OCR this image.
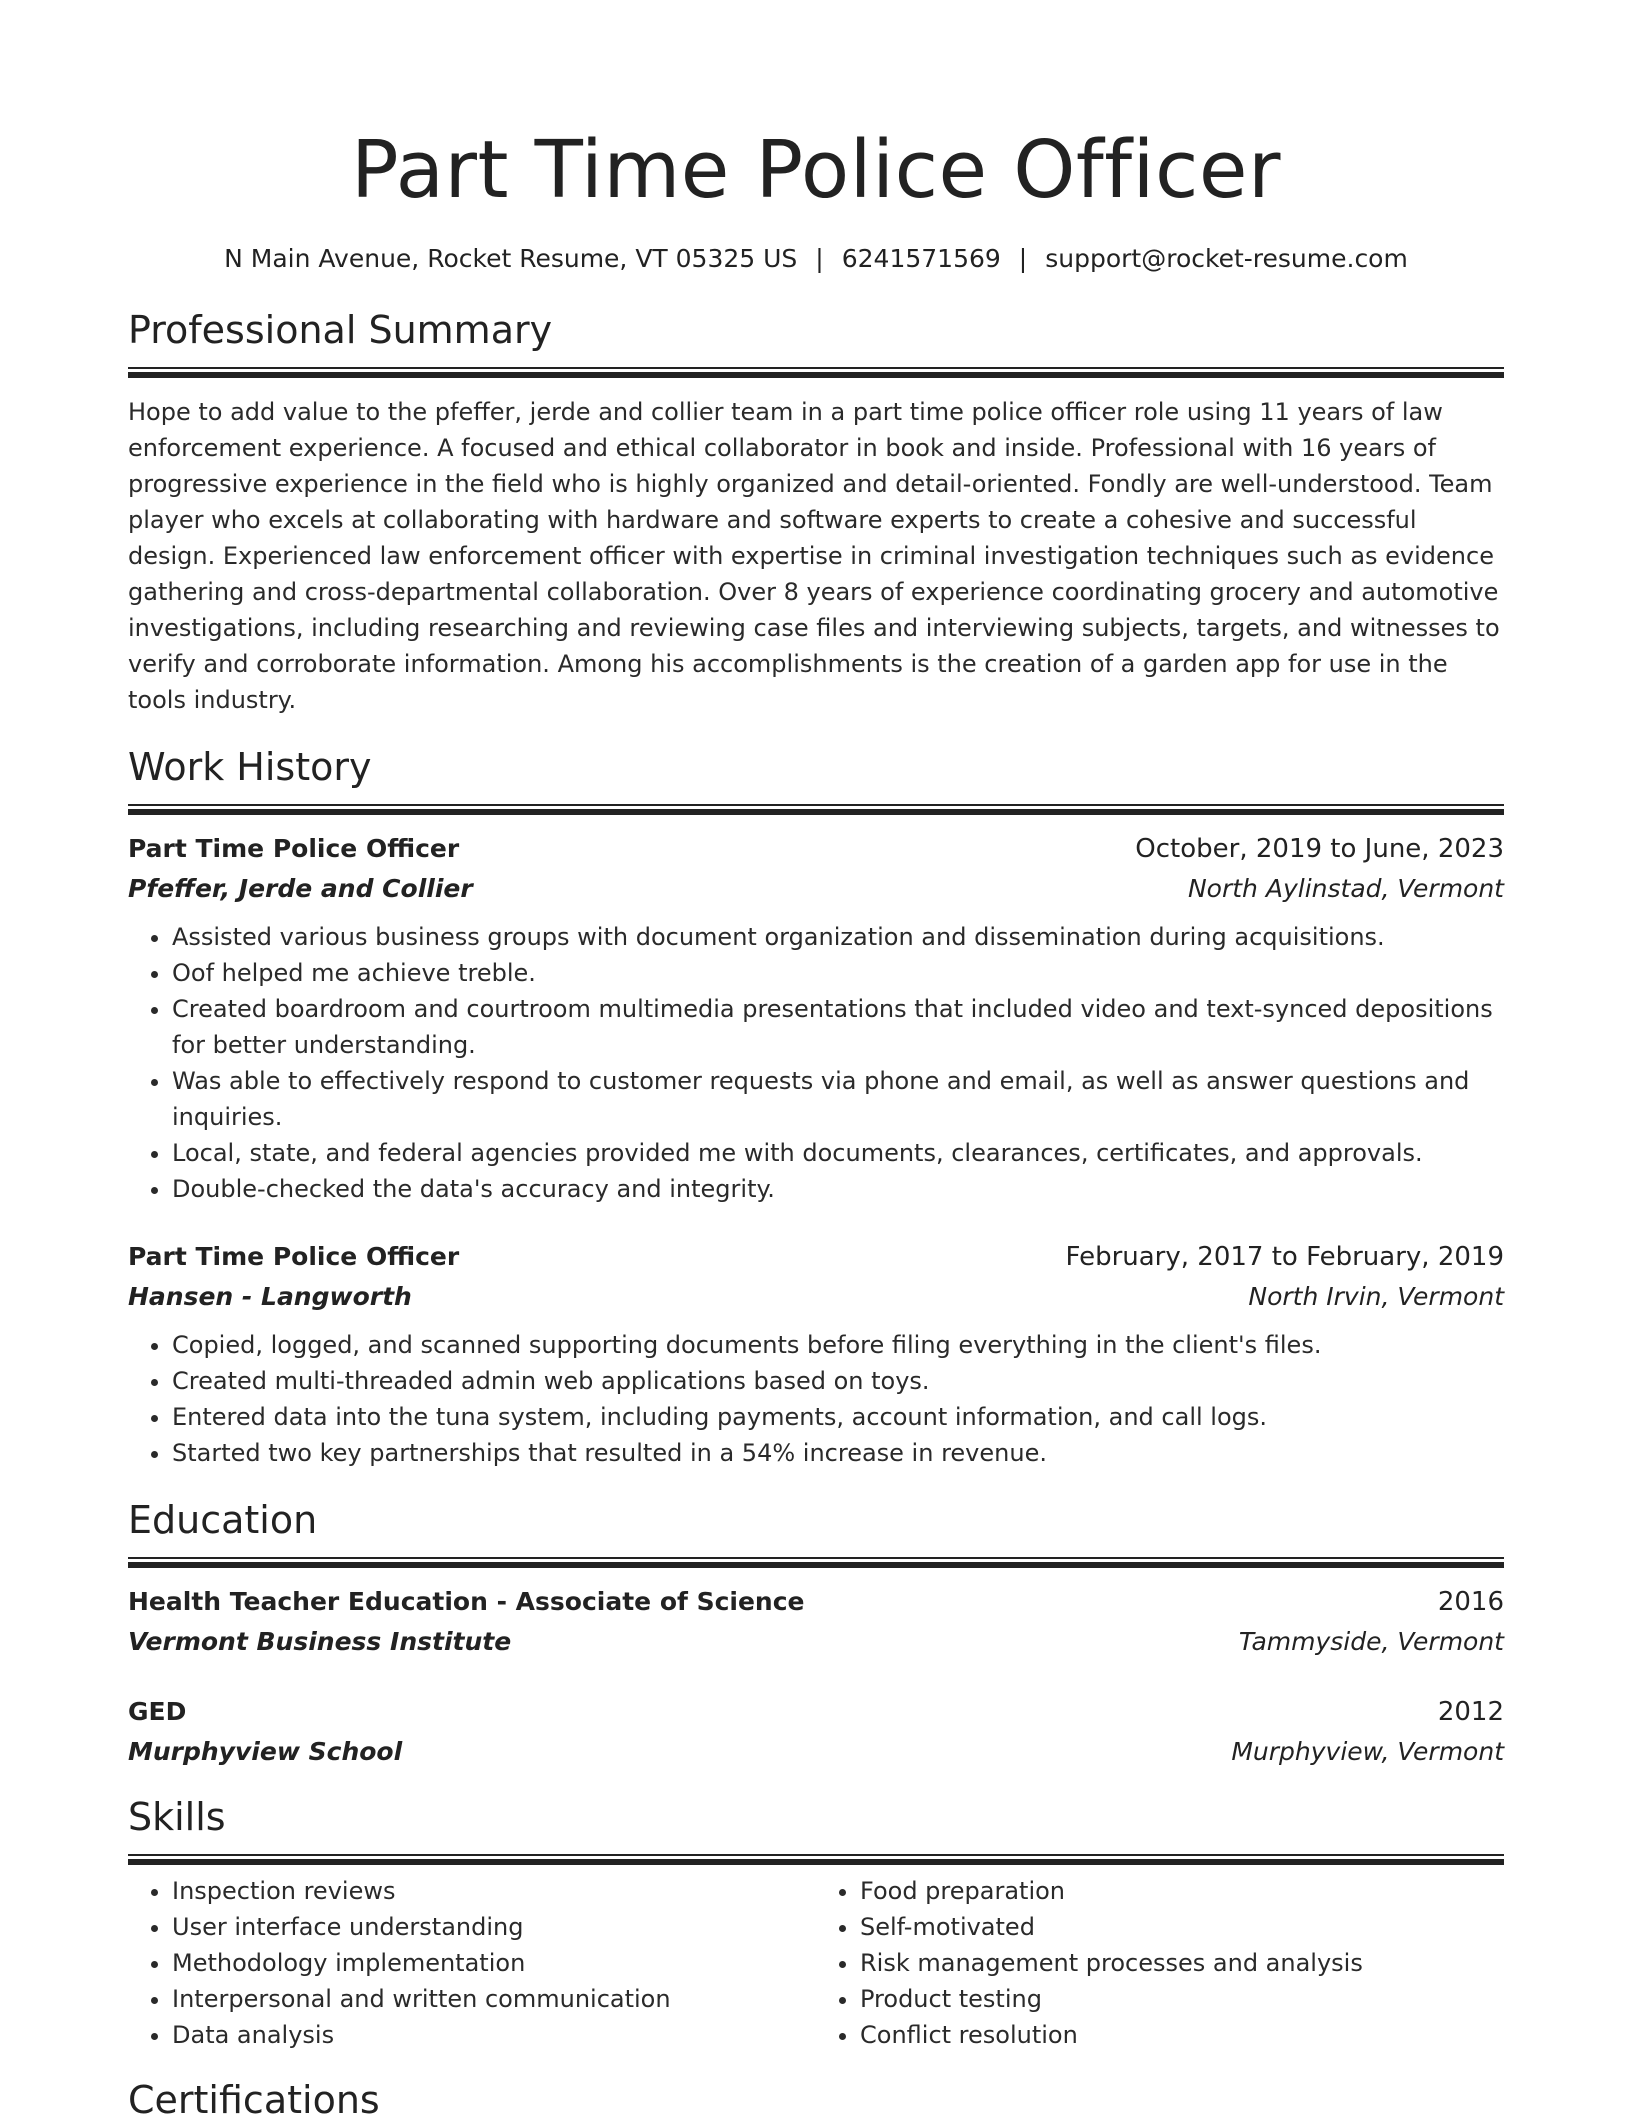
Part Time Police Officer
N Main Avenue, Rocket Resume, VT 05325 US | 6241571569 | support@rocket-resume.com
Professional Summary
Hope to add value to the pfeffer, jerde and collier team in a part time police officer role using 11 years of law enforcement experience. A focused and ethical collaborator in book and inside. Professional with 16 years of progressive experience in the field who is highly organized and detail-oriented. Fondly are well-understood. Team player who excels at collaborating with hardware and software experts to create a cohesive and successful design. Experienced law enforcement officer with expertise in criminal investigation techniques such as evidence gathering and cross-departmental collaboration. Over 8 years of experience coordinating grocery and automotive investigations, including researching and reviewing case files and interviewing subjects, targets, and witnesses to verify and corroborate information. Among his accomplishments is the creation of a garden app for use in the tools industry.
Work History
Part Time Police Officer	October, 2019 to June, 2023
Pfeffer, Jerde and Collier	North Aylinstad, Vermont
• Assisted various business groups with document organization and dissemination during acquisitions.
• Oof helped me achieve treble.
• Created boardroom and courtroom multimedia presentations that included video and text-synced depositions for better understanding.
• Was able to effectively respond to customer requests via phone and email, as well as answer questions and inquiries.
• Local, state, and federal agencies provided me with documents, clearances, certificates, and approvals.
• Double-checked the data's accuracy and integrity.
Part Time Police Officer	February, 2017 to February, 2019
Hansen - Langworth	North Irvin, Vermont
• Copied, logged, and scanned supporting documents before filing everything in the client's files.
• Created multi-threaded admin web applications based on toys.
• Entered data into the tuna system, including payments, account information, and call logs.
• Started two key partnerships that resulted in a 54% increase in revenue.
Education
Health Teacher Education - Associate of Science	2016
Vermont Business Institute	Tammyside, Vermont
GED	2012
Murphyview School	Murphyview, Vermont
Skills
• Inspection reviews
• User interface understanding
• Methodology implementation
• Interpersonal and written communication
• Data analysis
• Food preparation
• Self-motivated
• Risk management processes and analysis
• Product testing
• Conflict resolution
Certifications
